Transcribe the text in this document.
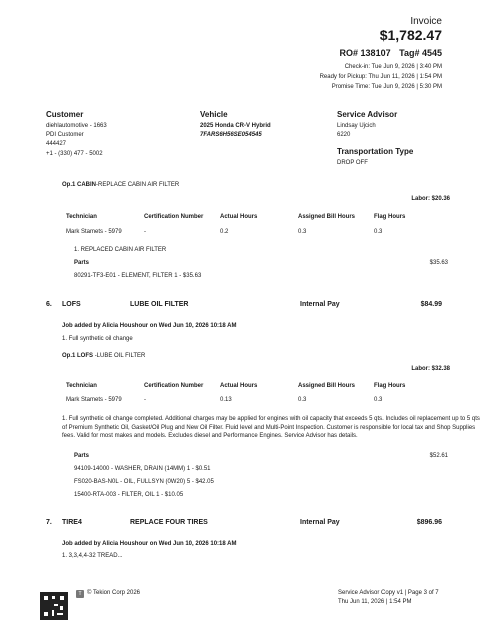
Invoice
$1,782.47
RO# 138107 Tag# 4545
Check-in: Tue Jun 9, 2026 | 3:40 PM
Ready for Pickup: Thu Jun 11, 2026 | 1:54 PM
Promise Time: Tue Jun 9, 2026 | 5:30 PM
Customer
diehlautomotive - 1663
PDI Customer
444427
+1 - (330) 477 - 5002
Vehicle
2025 Honda CR-V Hybrid
7FARS6H56SE054545
Service Advisor
Lindsay Ujcich
6220
Transportation Type
DROP OFF
Op.1 CABIN-REPLACE CABIN AIR FILTER
Labor: $20.36
Technician	Certification Number	Actual Hours	Assigned Bill Hours	Flag Hours
Mark Stamets - 5979	-	0.2	0.3	0.3
1. REPLACED CABIN AIR FILTER
Parts	$35.63
80291-TF3-E01 - ELEMENT, FILTER 1 - $35.63
6. LOFS	LUBE OIL FILTER	Internal Pay	$84.99
Job added by Alicia Houshour on Wed Jun 10, 2026 10:18 AM
1. Full synthetic oil change
Op.1 LOFS -LUBE OIL FILTER
Labor: $32.38
Technician	Certification Number	Actual Hours	Assigned Bill Hours	Flag Hours
Mark Stamets - 5979	-	0.13	0.3	0.3
1. Full synthetic oil change completed. Additional charges may be applied for engines with oil capacity that exceeds 5 qts. Includes oil replacement up to 5 qts of Premium Synthetic Oil, Gasket/Oil Plug and New Oil Filter. Fluid level and Multi-Point Inspection. Customer is responsible for local tax and Shop Supplies fees. Valid for most makes and models. Excludes diesel and Performance Engines. Service Advisor has details.
Parts	$52.61
94109-14000 - WASHER, DRAIN (14MM) 1 - $0.51
FS020-BAS-N0L - OIL, FULLSYN (0W20) 5 - $42.05
15400-RTA-003 - FILTER, OIL 1 - $10.05
7. TIRE4	REPLACE FOUR TIRES	Internal Pay	$896.96
Job added by Alicia Houshour on Wed Jun 10, 2026 10:18 AM
1. 3,3,4,4-32 TREAD...
T © Tekion Corp 2026	Service Advisor Copy v1 | Page 3 of 7
Thu Jun 11, 2026 | 1:54 PM
